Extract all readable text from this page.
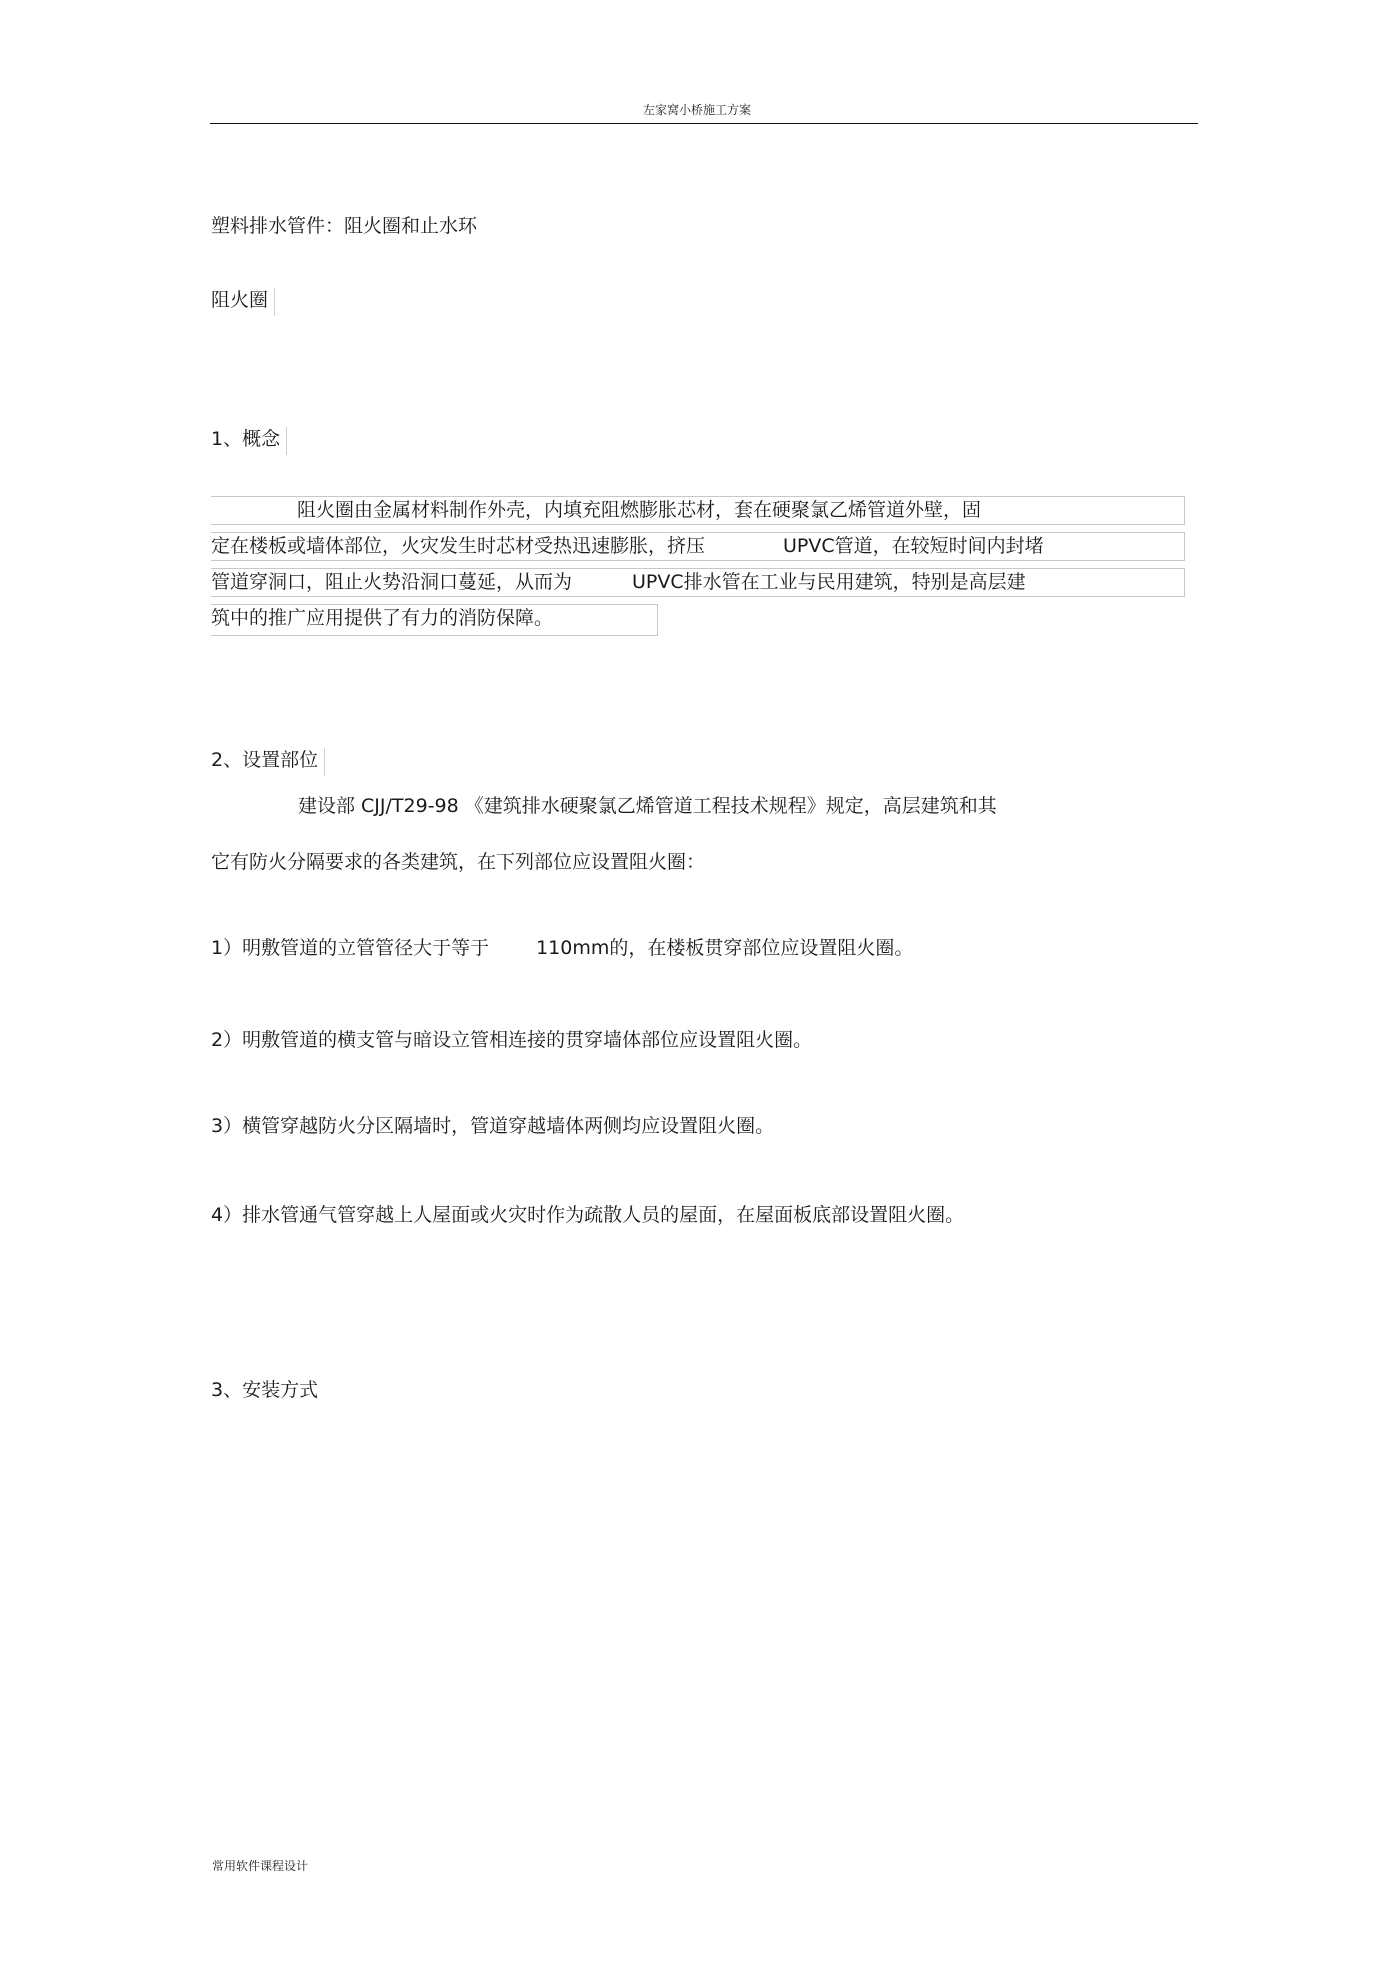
左家窝小桥施工方案
塑料排水管件：阻火圈和止水环
阻火圈
1、概念
阻火圈由金属材料制作外壳，内填充阻燃膨胀芯材，套在硬聚氯乙烯管道外壁，固
定在楼板或墙体部位，火灾发生时芯材受热迅速膨胀，挤压	UPVC管道，在较短时间内封堵
管道穿洞口，阻止火势沿洞口蔓延，从而为	UPVC排水管在工业与民用建筑，特别是高层建
筑中的推广应用提供了有力的消防保障。
2、设置部位
建设部 CJJ/T29-98 《建筑排水硬聚氯乙烯管道工程技术规程》规定，高层建筑和其
它有防火分隔要求的各类建筑，在下列部位应设置阻火圈：
1）明敷管道的立管管径大于等于 110mm的，在楼板贯穿部位应设置阻火圈。
2）明敷管道的横支管与暗设立管相连接的贯穿墙体部位应设置阻火圈。
3）横管穿越防火分区隔墙时，管道穿越墙体两侧均应设置阻火圈。
4）排水管通气管穿越上人屋面或火灾时作为疏散人员的屋面，在屋面板底部设置阻火圈。
3、安装方式
常用软件课程设计
